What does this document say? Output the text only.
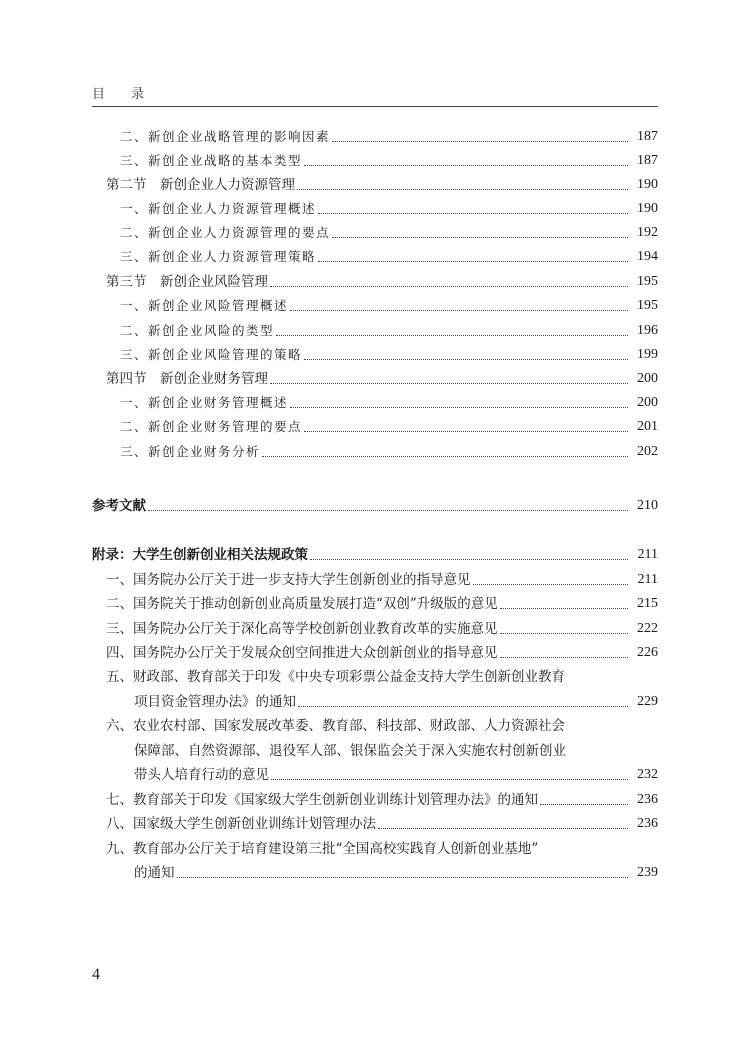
目录
二、新创企业战略管理的影响因素	187
三、新创企业战略的基本类型	187
第二节　新创企业人力资源管理	190
一、新创企业人力资源管理概述	190
二、新创企业人力资源管理的要点	192
三、新创企业人力资源管理策略	194
第三节　新创企业风险管理	195
一、新创企业风险管理概述	195
二、新创企业风险的类型	196
三、新创企业风险管理的策略	199
第四节　新创企业财务管理	200
一、新创企业财务管理概述	200
二、新创企业财务管理的要点	201
三、新创企业财务分析	202
参考文献	210
附录：大学生创新创业相关法规政策	211
一、国务院办公厅关于进一步支持大学生创新创业的指导意见	211
二、国务院关于推动创新创业高质量发展打造“双创”升级版的意见	215
三、国务院办公厅关于深化高等学校创新创业教育改革的实施意见	222
四、国务院办公厅关于发展众创空间推进大众创新创业的指导意见	226
五、财政部、教育部关于印发《中央专项彩票公益金支持大学生创新创业教育
项目资金管理办法》的通知	229
六、农业农村部、国家发展改革委、教育部、科技部、财政部、人力资源社会
保障部、自然资源部、退役军人部、银保监会关于深入实施农村创新创业
带头人培育行动的意见	232
七、教育部关于印发《国家级大学生创新创业训练计划管理办法》的通知	236
八、国家级大学生创新创业训练计划管理办法	236
九、教育部办公厅关于培育建设第三批“全国高校实践育人创新创业基地”
的通知	239
4
